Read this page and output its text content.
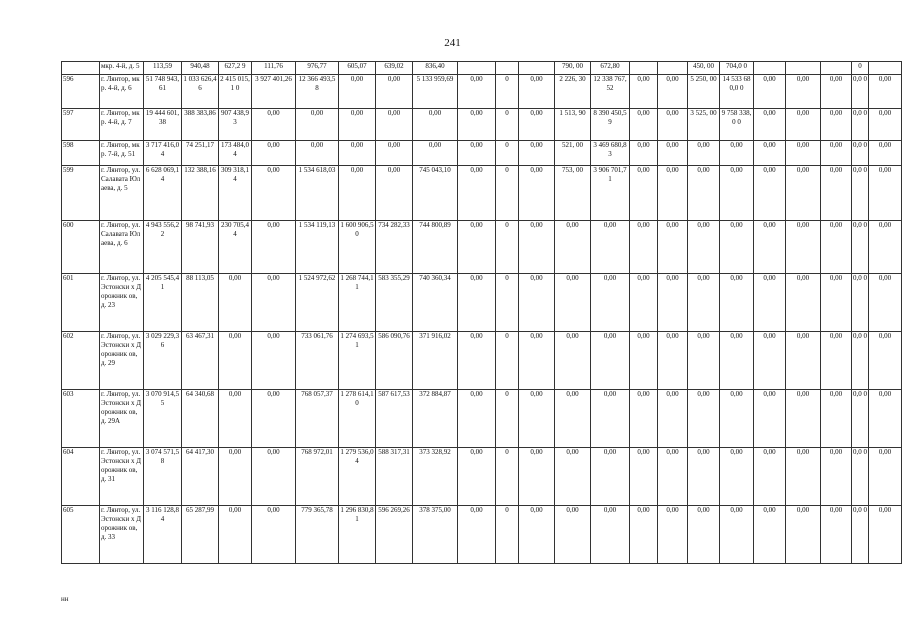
241
	мкр. 4-й, д. 5	113,59	940,48	627,2 9	111,76	976,77	605,07	639,02	836,40				790, 00	672,80			450, 00	704,0 0				0	
596	г. Лянтор, мкр. 4-й, д. 6	51 748 943,61	1 033 626,46	2 415 015,1 0	3 927 401,26	12 366 493,58	0,00	0,00	5 133 959,69	0,00	0	0,00	2 226, 30	12 338 767,52	0,00	0,00	5 250, 00	14 533 680,0 0	0,00	0,00	0,00	0,0 0	0,00
597	г. Лянтор, мкр. 4-й, д. 7	19 444 601,38	388 383,86	907 438,9 3	0,00	0,00	0,00	0,00	0,00	0,00	0	0,00	1 513, 90	8 390 450,59	0,00	0,00	3 525, 00	9 758 338,0 0	0,00	0,00	0,00	0,0 0	0,00
598	г. Лянтор, мкр. 7-й, д. 51	3 717 416,04	74 251,17	173 484,0 4	0,00	0,00	0,00	0,00	0,00	0,00	0	0,00	521, 00	3 469 680,83	0,00	0,00	0,00	0,00	0,00	0,00	0,00	0,0 0	0,00
599	г. Лянтор, ул. Салавата Юлаева, д. 5	6 628 069,14	132 388,16	309 318,1 4	0,00	1 534 618,03	0,00	0,00	745 043,10	0,00	0	0,00	753, 00	3 906 701,71	0,00	0,00	0,00	0,00	0,00	0,00	0,00	0,0 0	0,00
600	г. Лянтор, ул. Салавата Юлаева, д. 6	4 943 556,22	98 741,93	230 705,4 4	0,00	1 534 119,13	1 600 906,50	734 282,33	744 800,89	0,00	0	0,00	0,00	0,00	0,00	0,00	0,00	0,00	0,00	0,00	0,00	0,0 0	0,00
601	г. Лянтор, ул. Эстонски х Дорожник ов, д. 23	4 205 545,41	88 113,05	0,00	0,00	1 524 972,62	1 268 744,11	583 355,29	740 360,34	0,00	0	0,00	0,00	0,00	0,00	0,00	0,00	0,00	0,00	0,00	0,00	0,0 0	0,00
602	г. Лянтор, ул. Эстонски х Дорожник ов, д. 29	3 029 229,36	63 467,31	0,00	0,00	733 061,76	1 274 693,51	586 090,76	371 916,02	0,00	0	0,00	0,00	0,00	0,00	0,00	0,00	0,00	0,00	0,00	0,00	0,0 0	0,00
603	г. Лянтор, ул. Эстонски х Дорожник ов, д. 29А	3 070 914,55	64 340,68	0,00	0,00	768 057,37	1 278 614,10	587 617,53	372 884,87	0,00	0	0,00	0,00	0,00	0,00	0,00	0,00	0,00	0,00	0,00	0,00	0,0 0	0,00
604	г. Лянтор, ул. Эстонски х Дорожник ов, д. 31	3 074 571,58	64 417,30	0,00	0,00	768 972,01	1 279 536,04	588 317,31	373 328,92	0,00	0	0,00	0,00	0,00	0,00	0,00	0,00	0,00	0,00	0,00	0,00	0,0 0	0,00
605	г. Лянтор, ул. Эстонски х Дорожник ов, д. 33	3 116 128,84	65 287,99	0,00	0,00	779 365,78	1 296 830,81	596 269,26	378 375,00	0,00	0	0,00	0,00	0,00	0,00	0,00	0,00	0,00	0,00	0,00	0,00	0,0 0	0,00
нн
